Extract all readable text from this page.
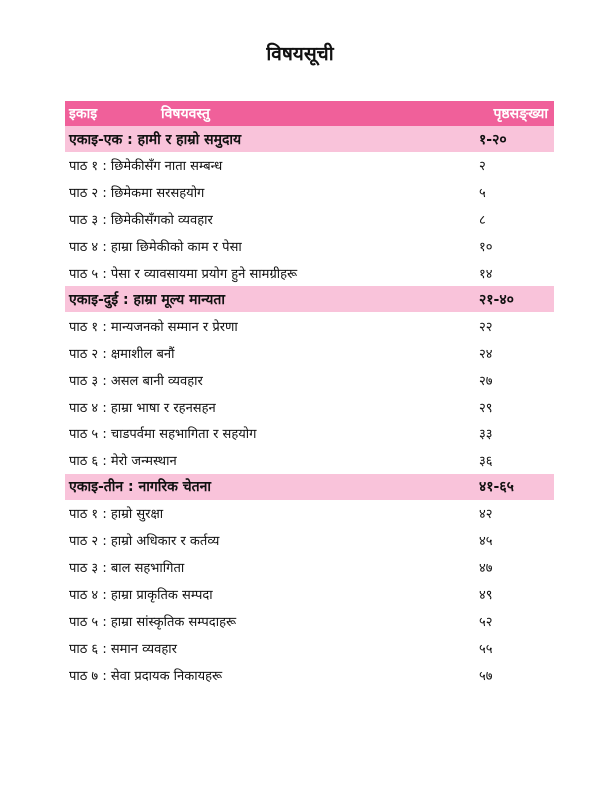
विषयसूची
इकाइ	विषयवस्तु	पृष्ठसङ्ख्या
एकाइ-एक : हामी र हाम्रो समुदाय	१-२०
पाठ १ : छिमेकीसँग नाता सम्बन्ध	२
पाठ २ : छिमेकमा सरसहयोग	५
पाठ ३ : छिमेकीसँगको व्यवहार	८
पाठ ४ : हाम्रा छिमेकीको काम र पेसा	१०
पाठ ५ : पेसा र व्यावसायमा प्रयोग हुने सामग्रीहरू	१४
एकाइ-दुई : हाम्रा मूल्य मान्यता	२१-४०
पाठ १ : मान्यजनको सम्मान र प्रेरणा	२२
पाठ २ : क्षमाशील बनौं	२४
पाठ ३ : असल बानी व्यवहार	२७
पाठ ४ : हाम्रा भाषा र रहनसहन	२९
पाठ ५ : चाडपर्वमा सहभागिता र सहयोग	३३
पाठ ६ : मेरो जन्मस्थान	३६
एकाइ-तीन : नागरिक चेतना	४१-६५
पाठ १ : हाम्रो सुरक्षा	४२
पाठ २ : हाम्रो अधिकार र कर्तव्य	४५
पाठ ३ : बाल सहभागिता	४७
पाठ ४ : हाम्रा प्राकृतिक सम्पदा	४९
पाठ ५ : हाम्रा सांस्कृतिक सम्पदाहरू	५२
पाठ ६ : समान व्यवहार	५५
पाठ ७ : सेवा प्रदायक निकायहरू	५७
